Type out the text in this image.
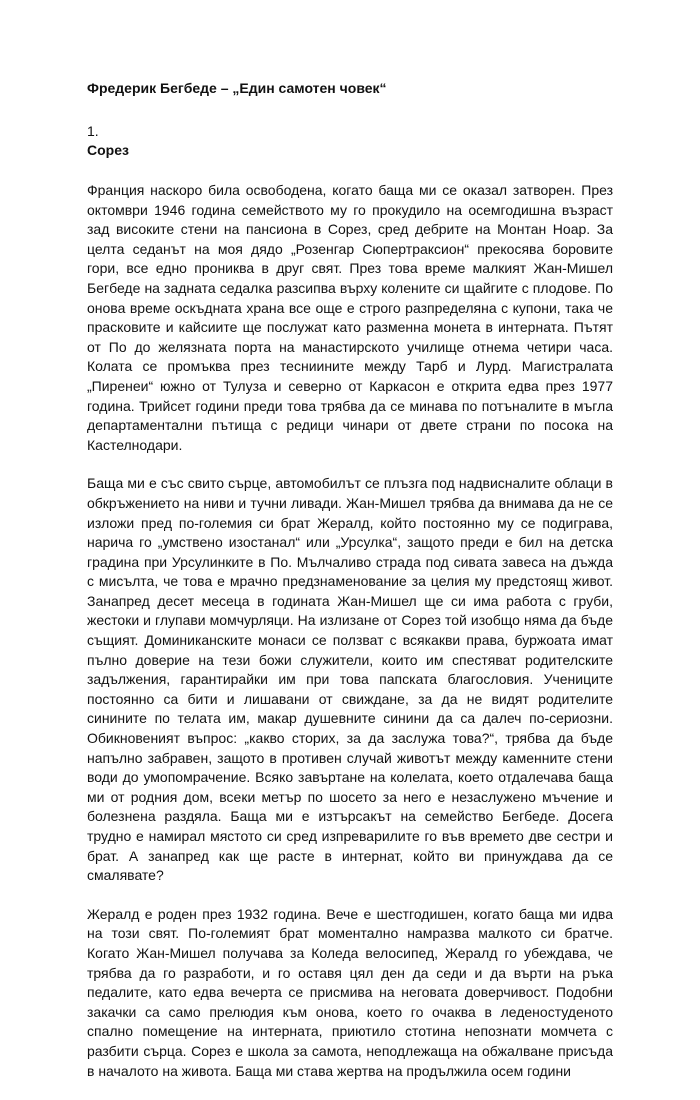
Фредерик Бегбеде – „Един самотен човек“

1.

Сорез

Франция наскоро била освободена, когато баща ми се оказал затворен. През октомври 1946 година семейството му го прокудило на осемгодишна възраст зад високите стени на пансиона в Сорез, сред дебрите на Монтан Ноар. За целта седанът на моя дядо „Розенгар Сюпертраксион“ прекосява боровите гори, все едно прониква в друг свят. През това време малкият Жан-Мишел Бегбеде на задната седалка разсипва върху колените си щайгите с плодове. По онова време оскъдната храна все още е строго разпределяна с купони, така че прасковите и кайсиите ще послужат като разменна монета в интерната. Пътят от По до желязната порта на манастирското училище отнема четири часа. Колата се промъква през тесниините между Тарб и Лурд. Магистралата „Пиренеи“ южно от Тулуза и северно от Каркасон е открита едва през 1977 година. Трийсет години преди това трябва да се минава по потъналите в мъгла департаментални пътища с редици чинари от двете страни по посока на Кастелнодари.

Баща ми е със свито сърце, автомобилът се плъзга под надвисналите облаци в обкръжението на ниви и тучни ливади. Жан-Мишел трябва да внимава да не се изложи пред по-големия си брат Жералд, който постоянно му се подиграва, нарича го „умствено изостанал“ или „Урсулка“, защото преди е бил на детска градина при Урсулинките в По. Мълчаливо страда под сивата завеса на дъжда с мисълта, че това е мрачно предзнаменование за целия му предстоящ живот. Занапред десет месеца в годината Жан-Мишел ще си има работа с груби, жестоки и глупави момчурляци. На излизане от Сорез той изобщо няма да бъде същият. Доминиканските монаси се ползват с всякакви права, буржоата имат пълно доверие на тези божи служители, които им спестяват родителските задължения, гарантирайки им при това папската благословия. Учениците постоянно са бити и лишавани от свиждане, за да не видят родителите синините по телата им, макар душевните синини да са далеч по-сериозни. Обикновеният въпрос: „какво сторих, за да заслужа това?“, трябва да бъде напълно забравен, защото в противен случай животът между каменните стени води до умопомрачение. Всяко завъртане на колелата, което отдалечава баща ми от родния дом, всеки метър по шосето за него е незаслужено мъчение и болезнена раздяла. Баща ми е изтърсакът на семейство Бегбеде. Досега трудно е намирал мястото си сред изпреварилите го във времето две сестри и брат. А занапред как ще расте в интернат, който ви принуждава да се смалявате?

Жералд е роден през 1932 година. Вече е шестгодишен, когато баща ми идва на този свят. По-големият брат моментално намразва малкото си братче. Когато Жан-Мишел получава за Коледа велосипед, Жералд го убеждава, че трябва да го разработи, и го оставя цял ден да седи и да върти на ръка педалите, като едва вечерта се присмива на неговата доверчивост. Подобни закачки са само прелюдия към онова, което го очаква в леденостуденото спално помещение на интерната, приютило стотина непознати момчета с разбити сърца. Сорез е школа за самота, неподлежаща на обжалване присъда в началото на живота. Баща ми става жертва на продължила осем години
